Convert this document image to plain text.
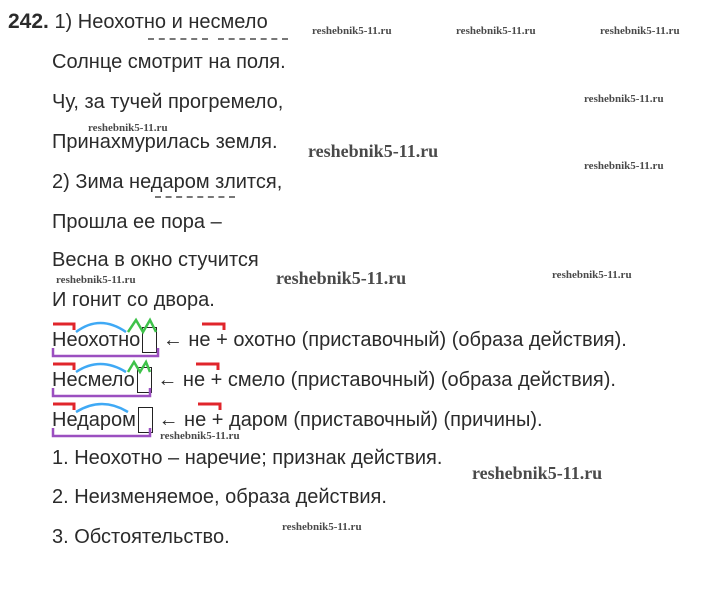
242. 1) Неохотно и несмело
Солнце смотрит на поля.
Чу, за тучей прогремело,
Принахмурилась земля.
2) Зима недаром злится,
Прошла ее пора –
Весна в окно стучится
И гонит со двора.
Неохотно ← не + охотно (приставочный) (образа действия).
Несмело ← не + смело (приставочный) (образа действия).
Недаром ← не + даром (приставочный) (причины).
1. Неохотно – наречие; признак действия.
2. Неизменяемое, образа действия.
3. Обстоятельство.
reshebnik5-11.ru	reshebnik5-11.ru	reshebnik5-11.ru
reshebnik5-11.ru
reshebnik5-11.ru
reshebnik5-11.ru
reshebnik5-11.ru
reshebnik5-11.ru	reshebnik5-11.ru	reshebnik5-11.ru
reshebnik5-11.ru
reshebnik5-11.ru
reshebnik5-11.ru
